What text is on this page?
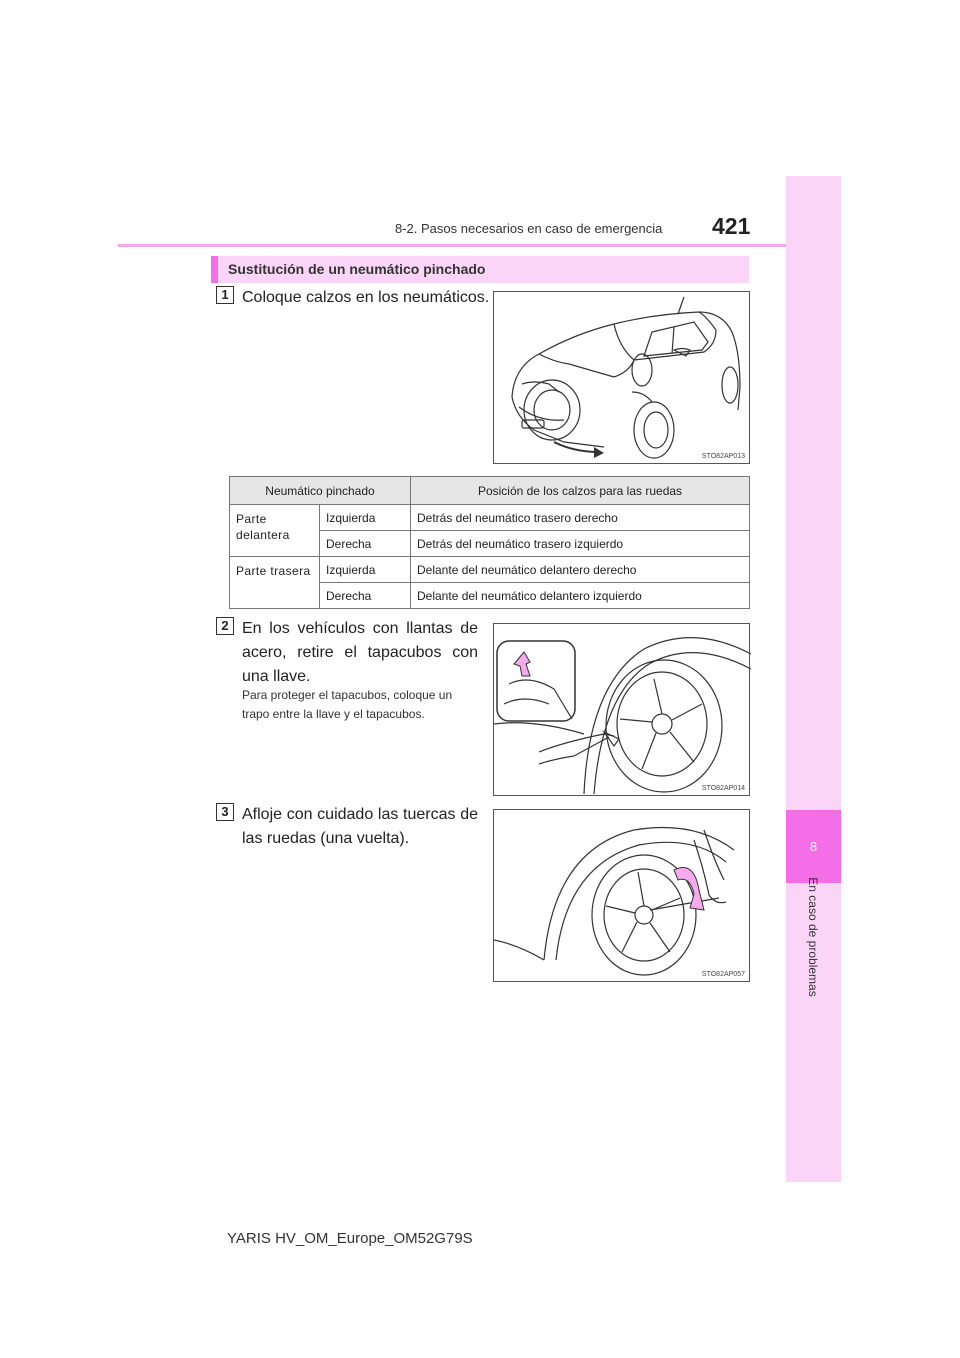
8-2. Pasos necesarios en caso de emergencia	421
8
En caso de problemas
Sustitución de un neumático pinchado
1 Coloque calzos en los neumáticos.
STO82AP013
Neumático pinchado		Posición de los calzos para las ruedas
Parte delantera	Izquierda	Detrás del neumático trasero derecho
	Derecha	Detrás del neumático trasero izquierdo
Parte trasera	Izquierda	Delante del neumático delantero derecho
	Derecha	Delante del neumático delantero izquierdo
2 En los vehículos con llantas de acero, retire el tapacubos con una llave.
Para proteger el tapacubos, coloque un trapo entre la llave y el tapacubos.
STO82AP014
3 Afloje con cuidado las tuercas de las ruedas (una vuelta).
STO82AP057
YARIS HV_OM_Europe_OM52G79S
